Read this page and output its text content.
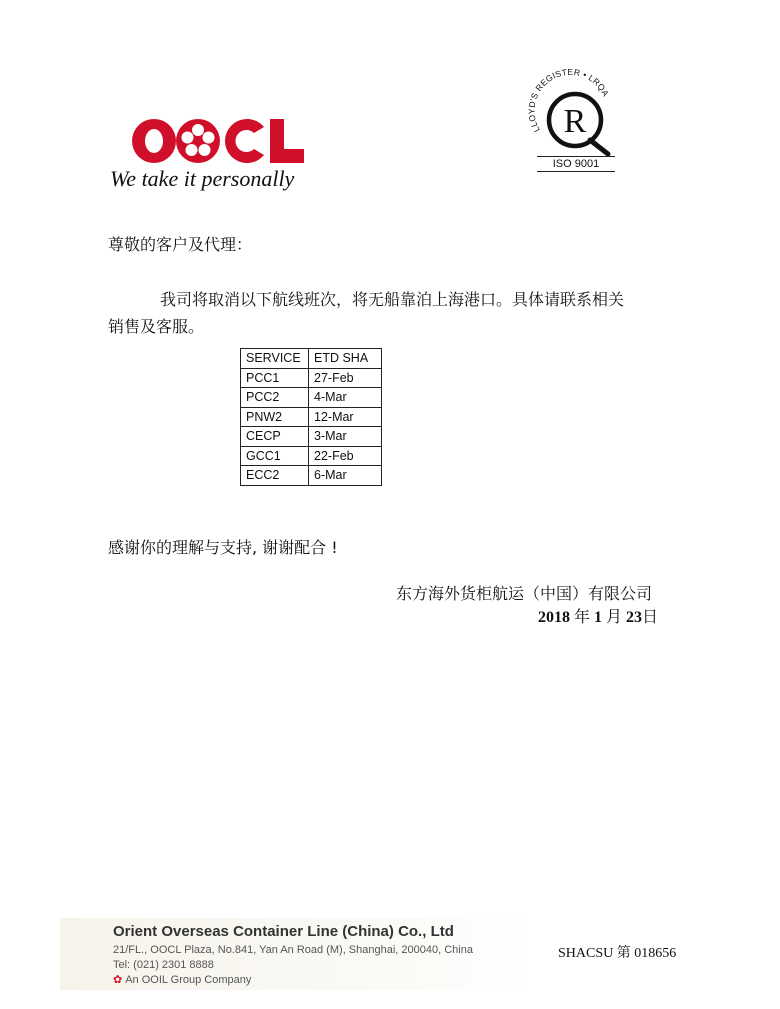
We take it personally
LLOYD'S REGISTER • LRQA
R
ISO 9001
尊敬的客户及代理：
我司将取消以下航线班次，将无船靠泊上海港口。具体请联系相关
销售及客服。
SERVICE	ETD SHA
PCC1	27-Feb
PCC2	4-Mar
PNW2	12-Mar
CECP	3-Mar
GCC1	22-Feb
ECC2	6-Mar
感谢你的理解与支持, 谢谢配合 !
东方海外货柜航运（中国）有限公司
2018 年 1 月 23日
Orient Overseas Container Line (China) Co., Ltd
21/FL., OOCL Plaza, No.841, Yan An Road (M), Shanghai, 200040, China
Tel: (021) 2301 8888
✿ An OOIL Group Company
SHACSU 第 018656
